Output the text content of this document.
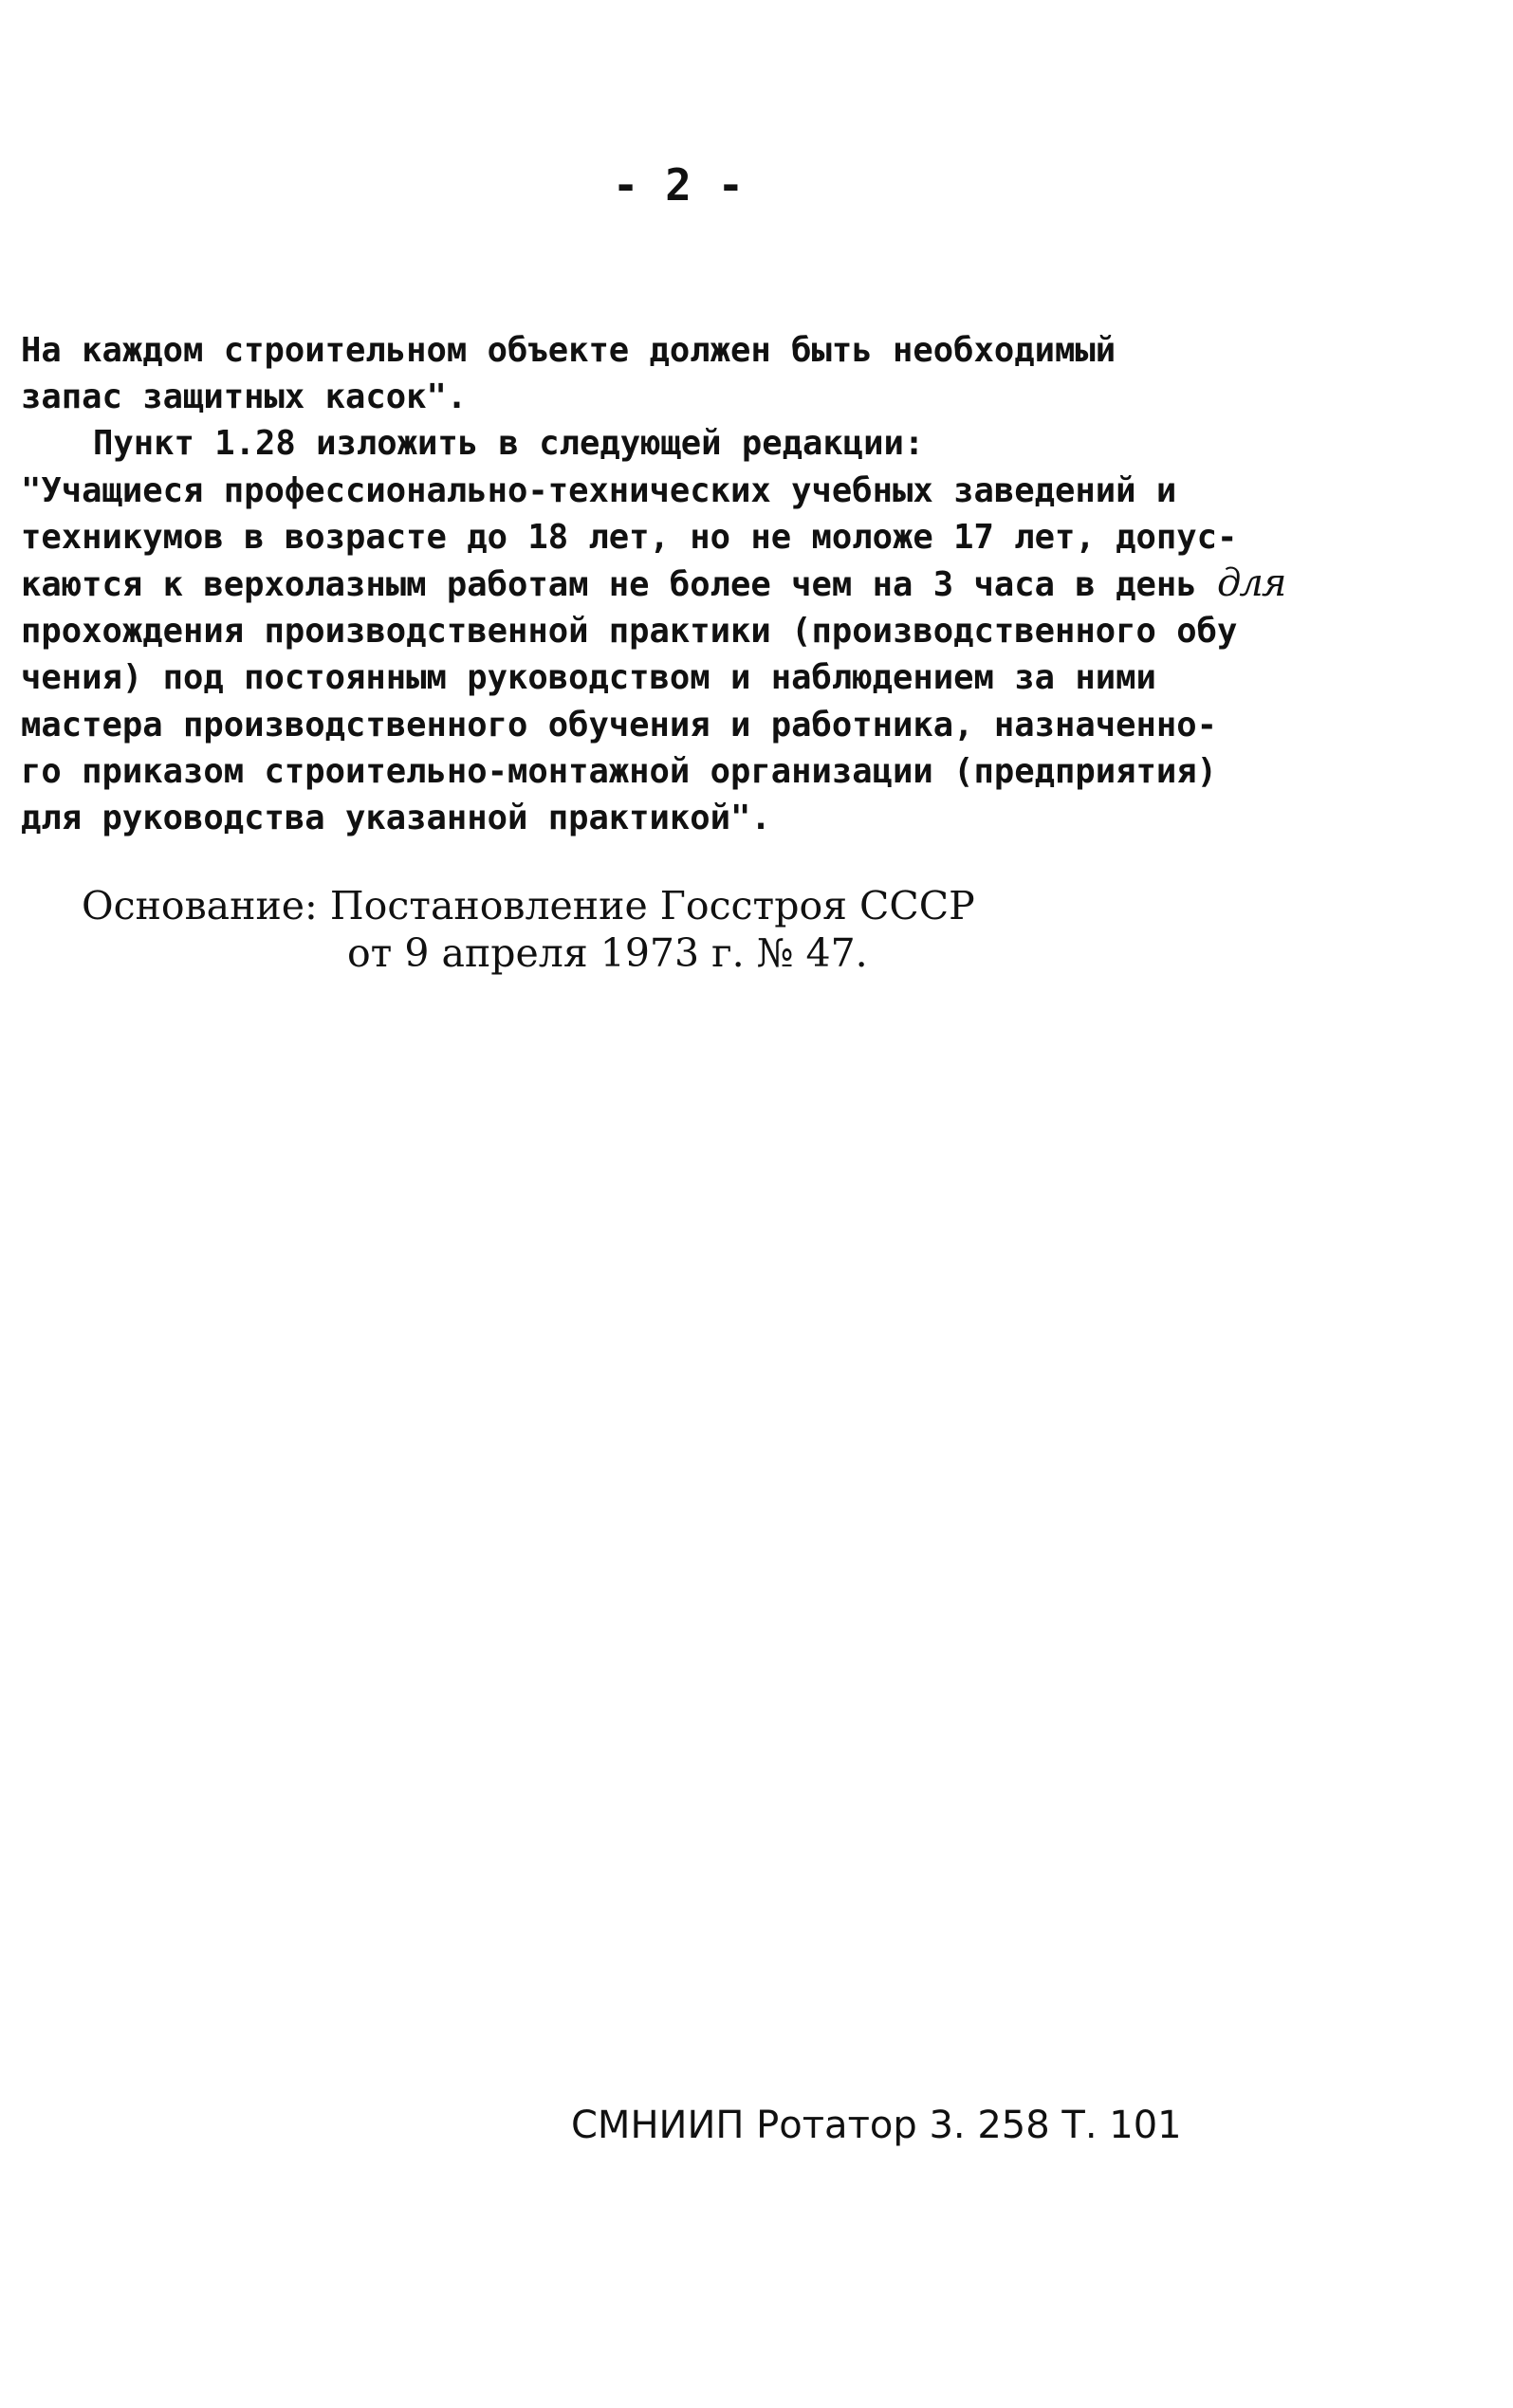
- 2 -
На каждом строительном объекте должен быть необходимый
запас защитных касок".
Пункт 1.28 изложить в следующей редакции:
"Учащиеся профессионально-технических учебных заведений и
техникумов в возрасте до 18 лет, но не моложе 17 лет, допус-
каются к верхолазным работам не более чем на 3 часа в день для
прохождения производственной практики (производственного обу
чения) под постоянным руководством и наблюдением за ними
мастера производственного обучения и работника, назначенно-
го приказом строительно-монтажной организации (предприятия)
для руководства указанной практикой".
Основание: Постановление Госстроя СССР
от 9 апреля 1973 г. № 47.
СМНИИП Ротатор 3. 258 Т. 101
